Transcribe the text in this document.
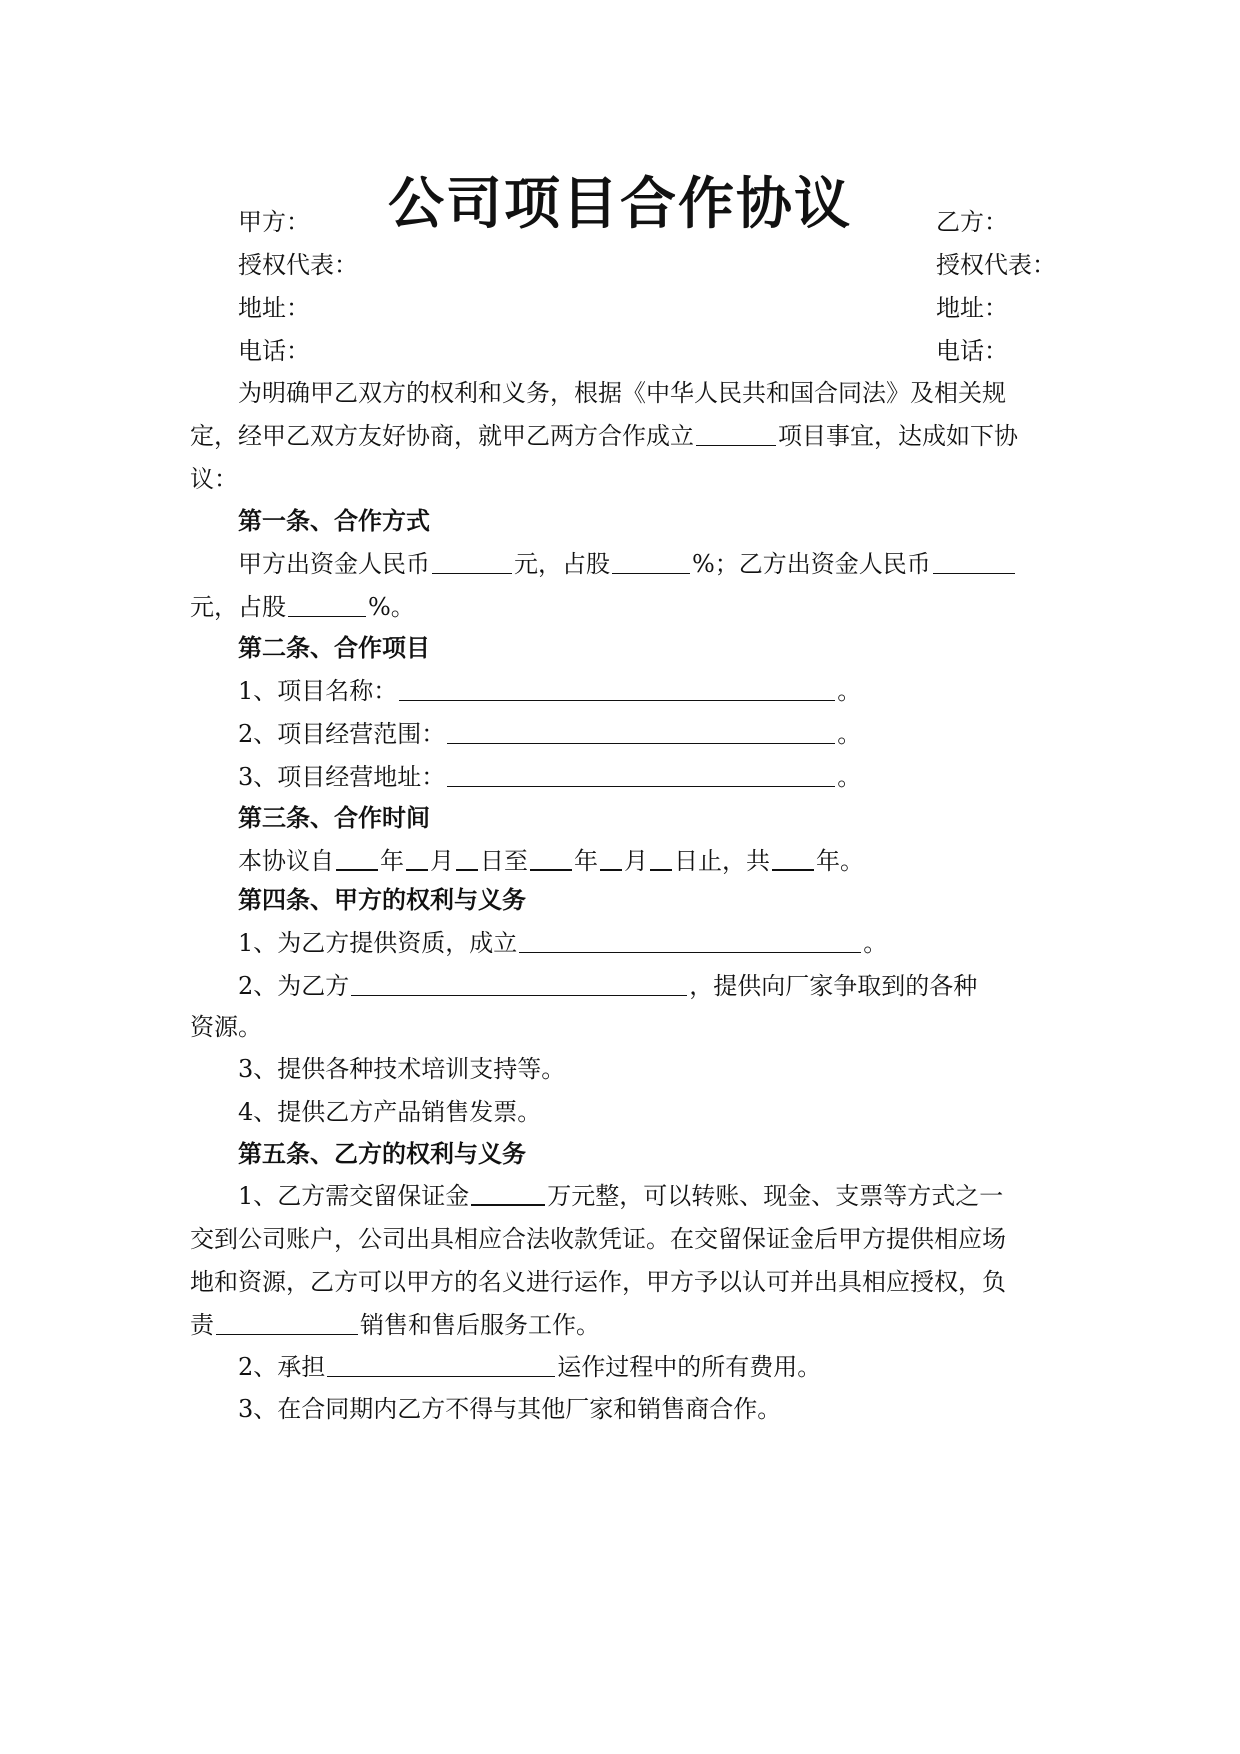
公司项目合作协议
甲方：	乙方：
授权代表：	授权代表：
地址：	地址：
电话：	电话：
为明确甲乙双方的权利和义务，根据《中华人民共和国合同法》及相关规
定，经甲乙双方友好协商，就甲乙两方合作成立	项目事宜，达成如下协
议：
第一条、合作方式
甲方出资金人民币	元，占股	%；乙方出资金人民币
元，占股	%。
第二条、合作项目
1、项目名称：	。
2、项目经营范围：	。
3、项目经营地址：	。
第三条、合作时间
本协议自 年 月 日至 年 月 日止，共 年。
第四条、甲方的权利与义务
1、为乙方提供资质，成立	。
2、为乙方	，提供向厂家争取到的各种
资源。
3、提供各种技术培训支持等。
4、提供乙方产品销售发票。
第五条、乙方的权利与义务
1、乙方需交留保证金	万元整，可以转账、现金、支票等方式之一
交到公司账户，公司出具相应合法收款凭证。在交留保证金后甲方提供相应场
地和资源，乙方可以甲方的名义进行运作，甲方予以认可并出具相应授权，负
责	销售和售后服务工作。
2、承担	运作过程中的所有费用。
3、在合同期内乙方不得与其他厂家和销售商合作。
